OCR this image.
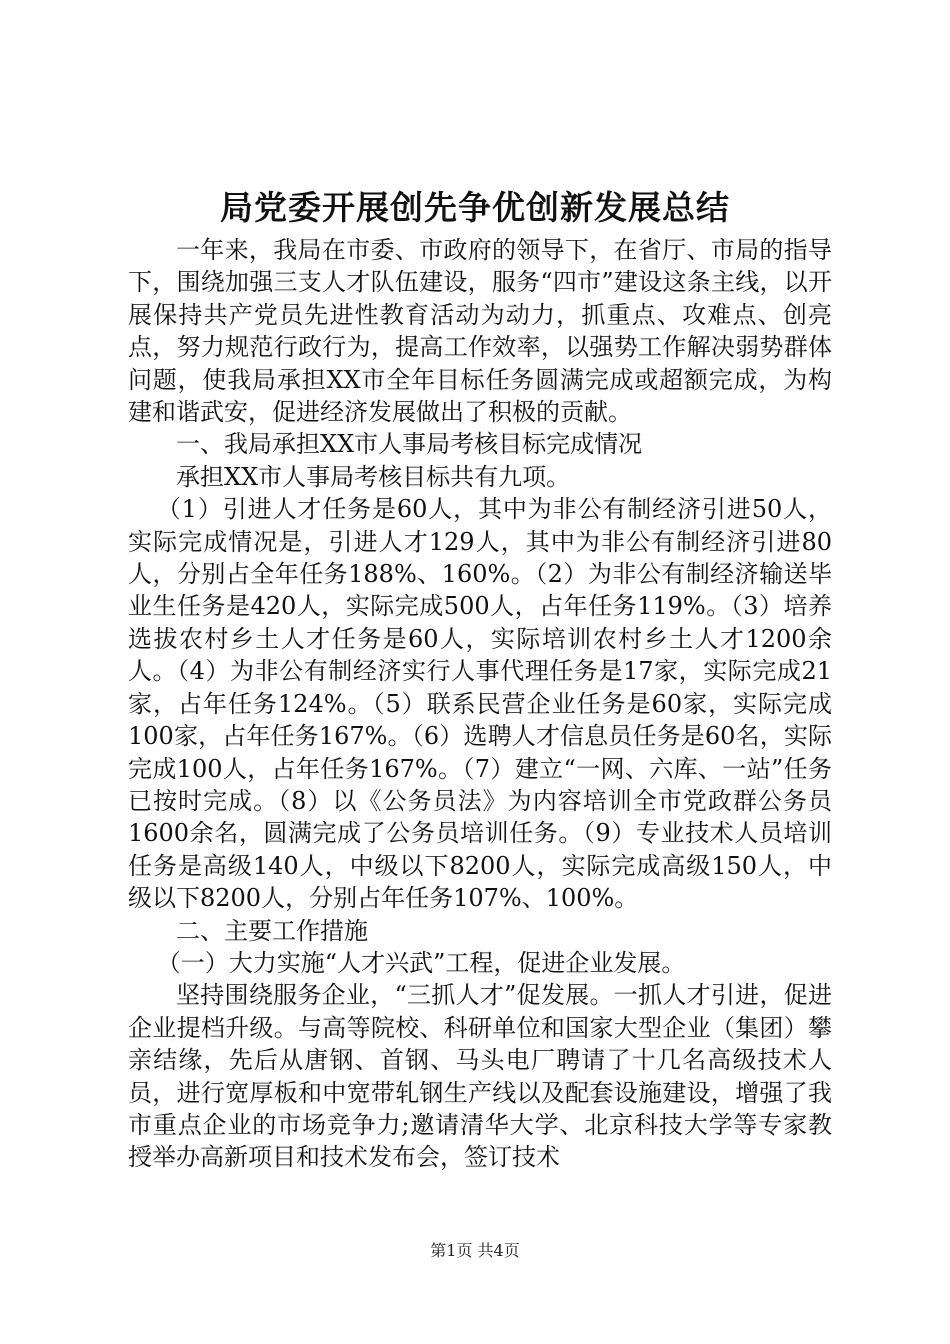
局党委开展创先争优创新发展总结

一年来，我局在市委、市政府的领导下，在省厅、市局的指导下，围绕加强三支人才队伍建设，服务“四市”建设这条主线，以开展保持共产党员先进性教育活动为动力，抓重点、攻难点、创亮点，努力规范行政行为，提高工作效率，以强势工作解决弱势群体问题，使我局承担XX市全年目标任务圆满完成或超额完成，为构建和谐武安，促进经济发展做出了积极的贡献。

一、我局承担XX市人事局考核目标完成情况

承担XX市人事局考核目标共有九项。

（1）引进人才任务是60人，其中为非公有制经济引进50人，实际完成情况是，引进人才129人，其中为非公有制经济引进80人，分别占全年任务188%、160%。（2）为非公有制经济输送毕业生任务是420人，实际完成500人，占年任务119%。（3）培养选拔农村乡土人才任务是60人，实际培训农村乡土人才1200余人。（4）为非公有制经济实行人事代理任务是17家，实际完成21家，占年任务124%。（5）联系民营企业任务是60家，实际完成100家，占年任务167%。（6）选聘人才信息员任务是60名，实际完成100人，占年任务167%。（7）建立“一网、六库、一站”任务已按时完成。（8）以《公务员法》为内容培训全市党政群公务员1600余名，圆满完成了公务员培训任务。（9）专业技术人员培训任务是高级140人，中级以下8200人，实际完成高级150人，中级以下8200人，分别占年任务107%、100%。

二、主要工作措施

（一）大力实施“人才兴武”工程，促进企业发展。

坚持围绕服务企业，“三抓人才”促发展。一抓人才引进，促进企业提档升级。与高等院校、科研单位和国家大型企业（集团）攀亲结缘，先后从唐钢、首钢、马头电厂聘请了十几名高级技术人员，进行宽厚板和中宽带轧钢生产线以及配套设施建设，增强了我市重点企业的市场竞争力;邀请清华大学、北京科技大学等专家教授举办高新项目和技术发布会，签订技术

第1页 共4页
